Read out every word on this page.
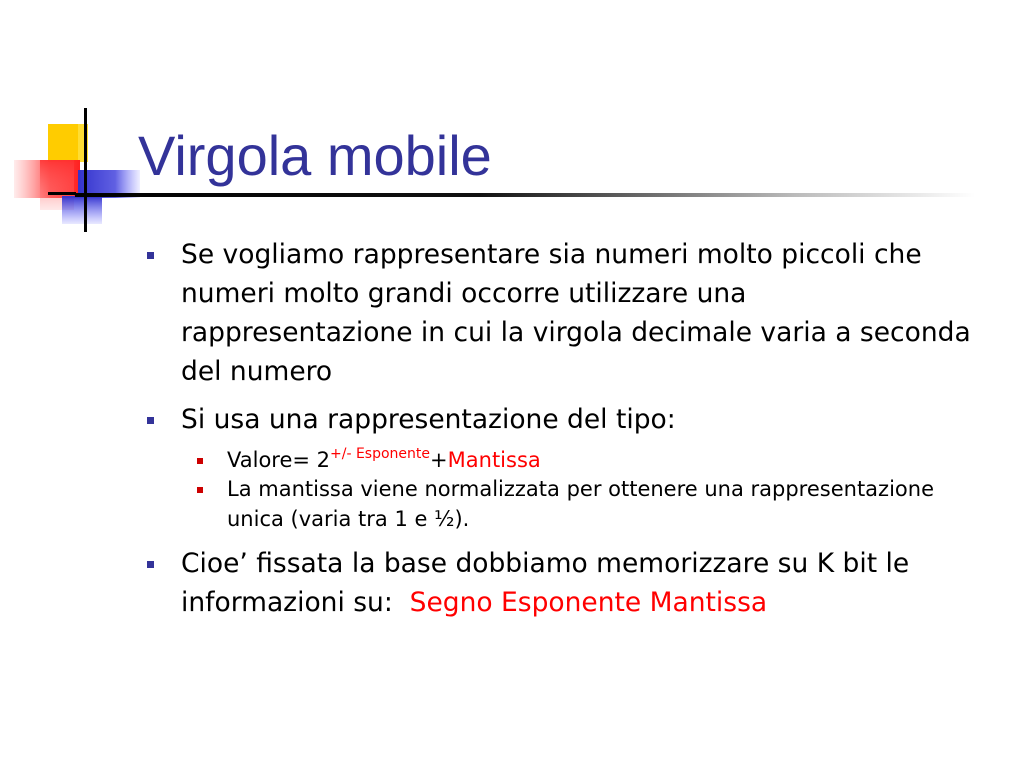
Virgola mobile
Se vogliamo rappresentare sia numeri molto piccoli che numeri molto grandi occorre utilizzare una rappresentazione in cui la virgola decimale varia a seconda del numero
Si usa una rappresentazione del tipo:
Valore= $2^{+/- Esponente}+Mantissa$
La mantissa viene normalizzata per ottenere una rappresentazione unica (varia tra 1 e ½).
Cioe’ fissata la base dobbiamo memorizzare su K bit le informazioni su: Segno Esponente Mantissa
